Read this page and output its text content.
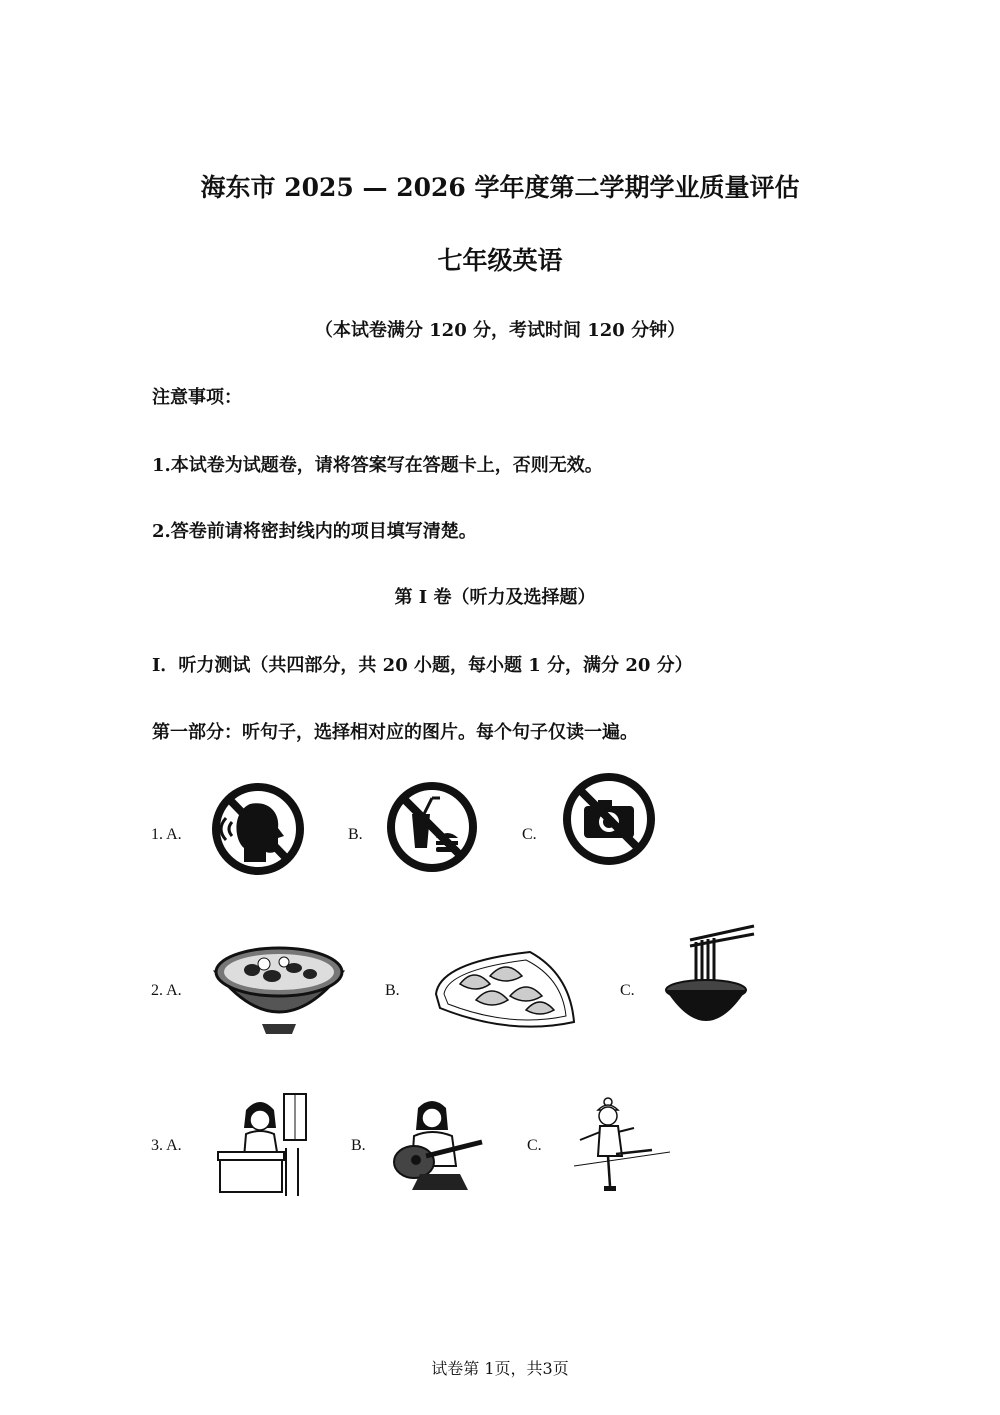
海东市 2025 — 2026 学年度第二学期学业质量评估
七年级英语
（本试卷满分 120 分，考试时间 120 分钟）
注意事项：
1.本试卷为试题卷，请将答案写在答题卡上，否则无效。
2.答卷前请将密封线内的项目填写清楚。
第 I 卷（听力及选择题）
I．听力测试（共四部分，共 20 小题，每小题 1 分，满分 20 分）
第一部分：听句子，选择相对应的图片。每个句子仅读一遍。
1. A.	B.	C.
2. A.	B.	C.
3. A.	B.	C.
试卷第 1页，共3页
